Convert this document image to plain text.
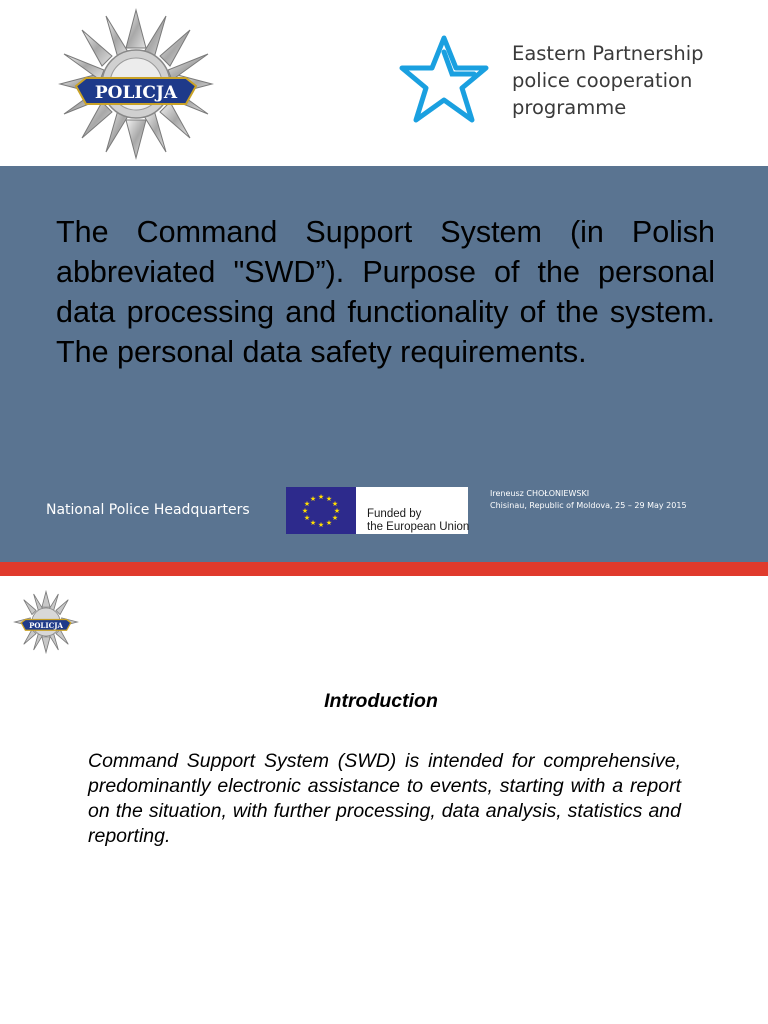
POLICJA
Eastern Partnership
police cooperation
programme

The Command Support System (in Polish abbreviated "SWD”). Purpose of the personal data processing and functionality of the system. The personal data safety requirements.

National Police Headquarters
★ ★
★
★
★
★
★
★
★
★
★
★
Funded by
the European Union
Ireneusz CHOŁONIEWSKI
Chisinau, Republic of Moldova, 25 – 29 May 2015
POLICJA

Introduction

Command Support System (SWD) is intended for comprehensive, predominantly electronic assistance to events, starting with a report on the situation, with further processing, data analysis, statistics and reporting.
